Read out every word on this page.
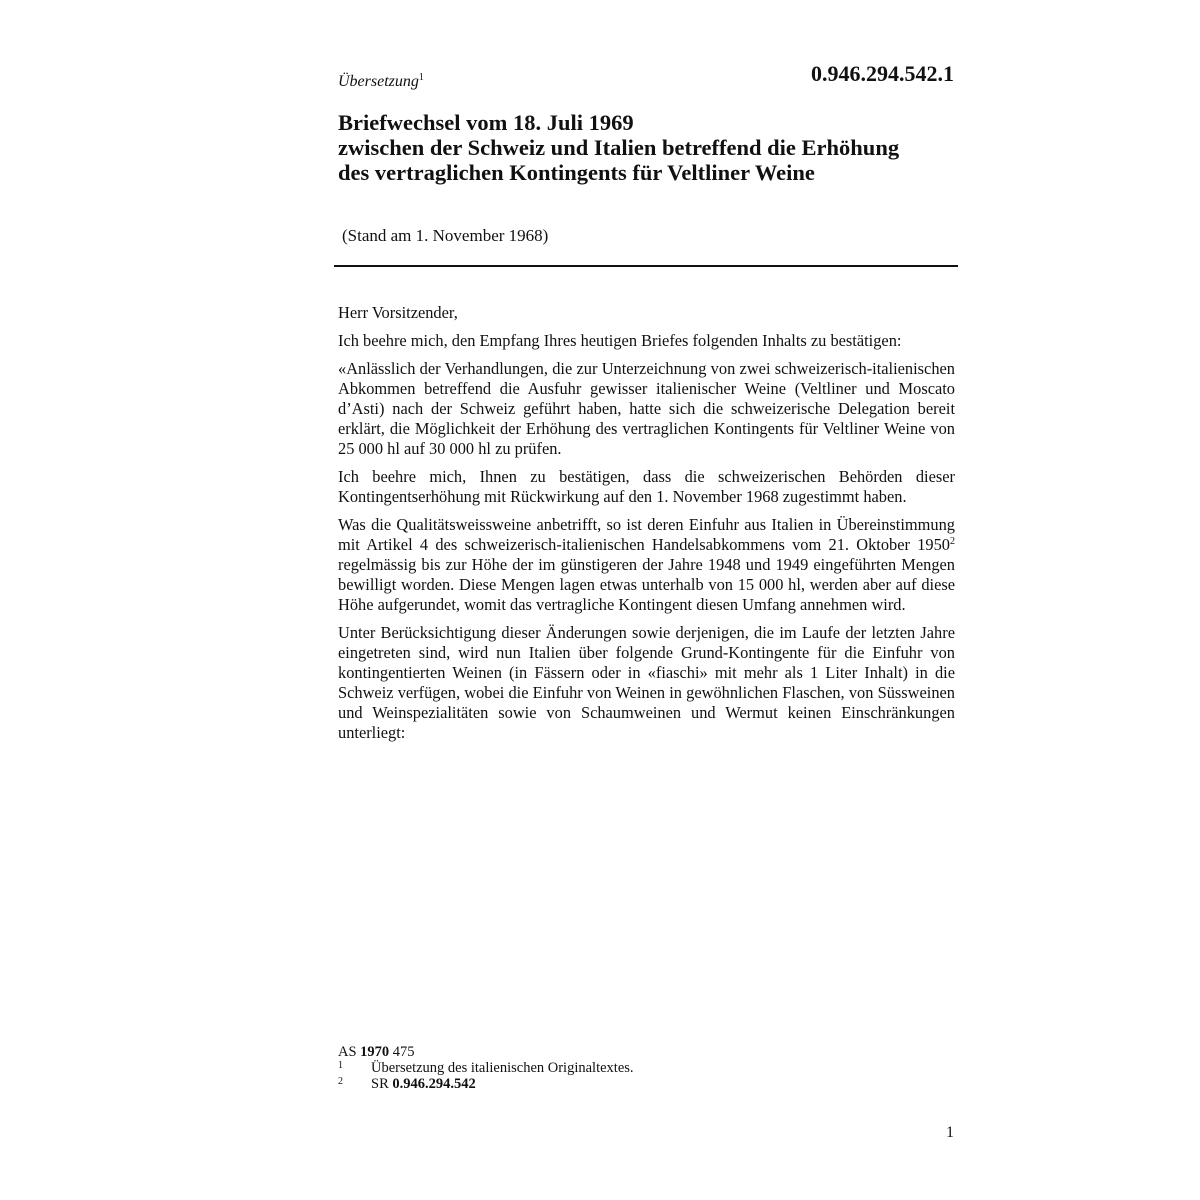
Übersetzung$^1$	0.946.294.542.1
Briefwechsel vom 18. Juli 1969
zwischen der Schweiz und Italien betreffend die Erhöhung
des vertraglichen Kontingents für Veltliner Weine
(Stand am 1. November 1968)

Herr Vorsitzender,

Ich beehre mich, den Empfang Ihres heutigen Briefes folgenden Inhalts zu bestätigen:

«Anlässlich der Verhandlungen, die zur Unterzeichnung von zwei schweizerisch-italienischen Abkommen betreffend die Ausfuhr gewisser italienischer Weine (Veltliner und Moscato d’Asti) nach der Schweiz geführt haben, hatte sich die schweizerische Delegation bereit erklärt, die Möglichkeit der Erhöhung des vertraglichen Kontingents für Veltliner Weine von 25 000 hl auf 30 000 hl zu prüfen.

Ich beehre mich, Ihnen zu bestätigen, dass die schweizerischen Behörden dieser Kontingentserhöhung mit Rückwirkung auf den 1. November 1968 zugestimmt haben.

Was die Qualitätsweissweine anbetrifft, so ist deren Einfuhr aus Italien in Übereinstimmung mit Artikel 4 des schweizerisch-italienischen Handelsabkommens vom 21. Oktober 1950$^2$ regelmässig bis zur Höhe der im günstigeren der Jahre 1948 und 1949 eingeführten Mengen bewilligt worden. Diese Mengen lagen etwas unterhalb von 15 000 hl, werden aber auf diese Höhe aufgerundet, womit das vertragliche Kontingent diesen Umfang annehmen wird.

Unter Berücksichtigung dieser Änderungen sowie derjenigen, die im Laufe der letzten Jahre eingetreten sind, wird nun Italien über folgende Grund-Kontingente für die Einfuhr von kontingentierten Weinen (in Fässern oder in «fiaschi» mit mehr als 1 Liter Inhalt) in die Schweiz verfügen, wobei die Einfuhr von Weinen in gewöhnlichen Flaschen, von Süssweinen und Weinspezialitäten sowie von Schaumweinen und Wermut keinen Einschränkungen unterliegt:

AS 1970 475
1	Übersetzung des italienischen Originaltextes.
2	SR 0.946.294.542
1
